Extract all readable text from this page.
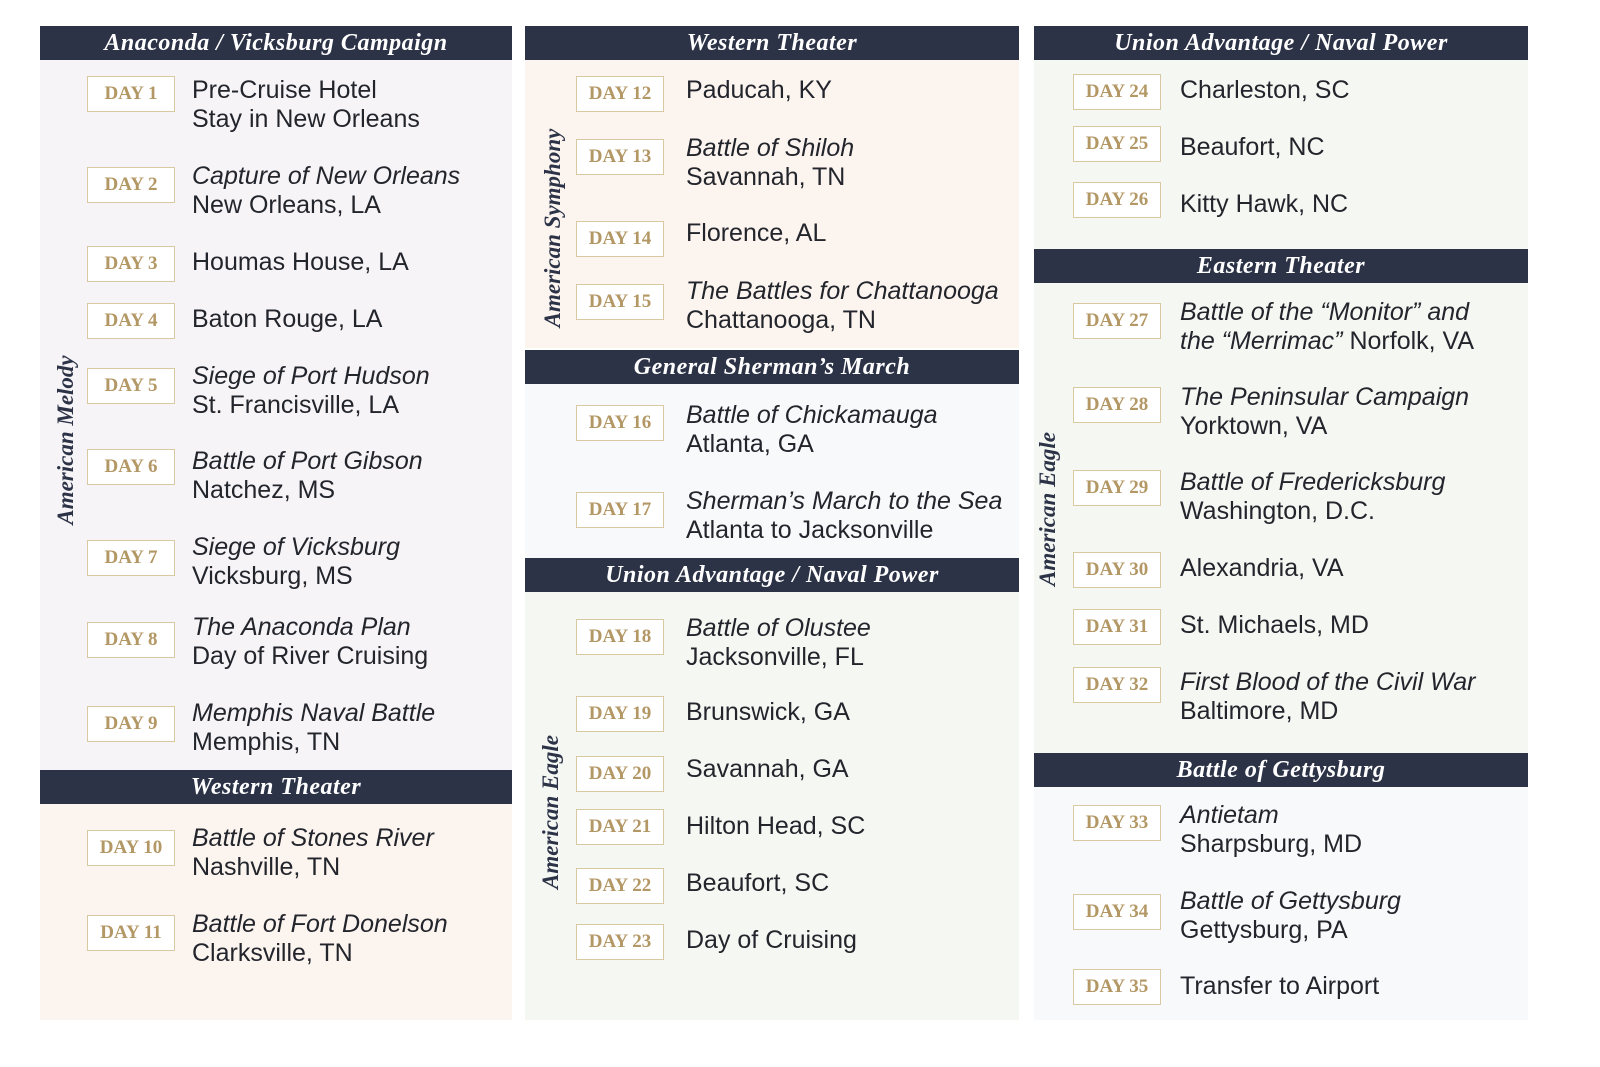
Anaconda / Vicksburg Campaign
American Melody
DAY 1	Pre-Cruise Hotel
Stay in New Orleans
DAY 2	Capture of New Orleans
New Orleans, LA
DAY 3	Houmas House, LA
DAY 4	Baton Rouge, LA
DAY 5	Siege of Port Hudson
St. Francisville, LA
DAY 6	Battle of Port Gibson
Natchez, MS
DAY 7	Siege of Vicksburg
Vicksburg, MS
DAY 8	The Anaconda Plan
Day of River Cruising
DAY 9	Memphis Naval Battle
Memphis, TN
Western Theater
DAY 10	Battle of Stones River
Nashville, TN
DAY 11	Battle of Fort Donelson
Clarksville, TN
Western Theater
American Symphony
DAY 12	Paducah, KY
DAY 13	Battle of Shiloh
Savannah, TN
DAY 14	Florence, AL
DAY 15	The Battles for Chattanooga
Chattanooga, TN
General Sherman’s March
DAY 16	Battle of Chickamauga
Atlanta, GA
DAY 17	Sherman’s March to the Sea
Atlanta to Jacksonville
Union Advantage / Naval Power
American Eagle
DAY 18	Battle of Olustee
Jacksonville, FL
DAY 19	Brunswick, GA
DAY 20	Savannah, GA
DAY 21	Hilton Head, SC
DAY 22	Beaufort, SC
DAY 23	Day of Cruising
Union Advantage / Naval Power
DAY 24	Charleston, SC
DAY 25	Beaufort, NC
DAY 26	Kitty Hawk, NC
Eastern Theater
American Eagle
DAY 27	Battle of the “Monitor” and
the “Merrimac” Norfolk, VA
DAY 28	The Peninsular Campaign
Yorktown, VA
DAY 29	Battle of Fredericksburg
Washington, D.C.
DAY 30	Alexandria, VA
DAY 31	St. Michaels, MD
DAY 32	First Blood of the Civil War
Baltimore, MD
Battle of Gettysburg
DAY 33	Antietam
Sharpsburg, MD
DAY 34	Battle of Gettysburg
Gettysburg, PA
DAY 35	Transfer to Airport
